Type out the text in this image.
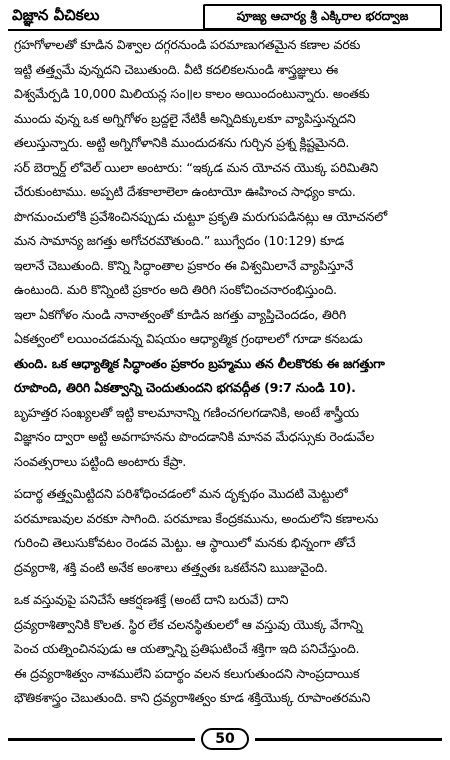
విజ్ఞాన వీచికలు	పూజ్య ఆచార్య శ్రీ ఎక్కిరాల భరద్వాజ
గ్రహగోళాలతో కూడిన విశ్వాల దగ్గరనుండి పరమాణుగతమైన కణాల వరకు
ఇట్టి తత్త్వమే వున్నదని చెబుతుంది. వీటి కదలికలనుండి శాస్త్రజ్ఞులు ఈ
విశ్వమేర్పడి 10,000 మిలియన్ల సం॥ల కాలం అయిందంటున్నారు. అంతకు
ముందు వున్న ఒక అగ్నిగోళం బ్రద్దలై నేటికీ అన్నిదిక్కులకూ వ్యాపిస్తున్నదని
తలుస్తున్నారు. అట్టి అగ్నిగోళానికి ముందుదశను గుర్చిన ప్రశ్న క్లిష్టమైనది.
సర్ బెర్నార్డ్ లోవెల్ యిలా అంటారు: “ఇక్కడ మన యోచన యొక్క పరిమితిని
చేరుకుంటాము. అప్పటి దేశకాలాలెలా ఉంటాయో ఊహించ సాధ్యం కాదు.
పొగమంచులోకి ప్రవేశించినప్పుడు చుట్టూ ప్రకృతి మరుగుపడినట్లు ఆ యోచనలో
మన సామాన్య జగత్తు అగోచరమౌతుంది.” ఋగ్వేదం (10:129) కూడ
ఇలానే చెబుతుంది. కొన్ని సిద్ధాంతాల ప్రకారం ఈ విశ్వమిలానే వ్యాపిస్తూనే
ఉంటుంది. మరి కొన్నింటి ప్రకారం అది తిరిగి సంకోచించనారంభిస్తుంది.
ఇలా ఏకగోళం నుండి నానాత్వంతో కూడిన జగత్తు వ్యాప్తిచెందడం, తిరిగి
ఏకత్వంలో లయించడమన్న విషయం ఆధ్యాత్మిక గ్రంథాలలో గూడా కనబడు
తుంది. ఒక ఆధ్యాత్మిక సిద్ధాంతం ప్రకారం బ్రహ్మము తన లీలకొరకు ఈ జగత్తుగా
రూపొంది, తిరిగి ఏకత్వాన్ని చెందుతుందని భగవద్గీత (9:7 నుండి 10).
బృహత్తర సంఖ్యలతో ఇట్టి కాలమానాన్ని గణించగలగడానికి, అంటే శాస్త్రీయ
విజ్ఞానం ద్వారా అట్టి అవగాహనను పొందడానికి మానవ మేధస్సుకు రెండువేల
సంవత్సరాలు పట్టింది అంటారు కేప్రా.
పదార్థ తత్త్వమిట్టిదని పరిశోధించడంలో మన దృక్పథం మొదటి మెట్టులో
పరమాణువుల వరకూ సాగింది. పరమాణు కేంద్రకమును, అందులోని కణాలను
గురించి తెలుసుకోవటం రెండవ మెట్టు. ఆ స్థాయిలో మనకు భిన్నంగా తోచే
ద్రవ్యరాశి, శక్తి వంటి అనేక అంశాలు తత్త్వతః ఒకటేనని ఋజువైంది.
ఒక వస్తువుపై పనిచేసే ఆకర్షణశక్తే (అంటే దాని బరువే) దాని
ద్రవ్యరాశిత్వానికి కొలత. స్థిర లేక చలనస్థితులలో ఆ వస్తువు యొక్క వేగాన్ని
పెంచ యత్నించినపుడు ఆ యత్నాన్ని ప్రతిఘటించే శక్తిగా ఇది పనిచేస్తుంది.
ఈ ద్రవ్యరాశిత్వం నాశములేని పదార్థం వలన కలుగుతుందని సాంప్రదాయిక
భౌతికశాస్త్రం చెబుతుంది. కాని ద్రవ్యరాశిత్వం కూడ శక్తియొక్క రూపాంతరమని
50
